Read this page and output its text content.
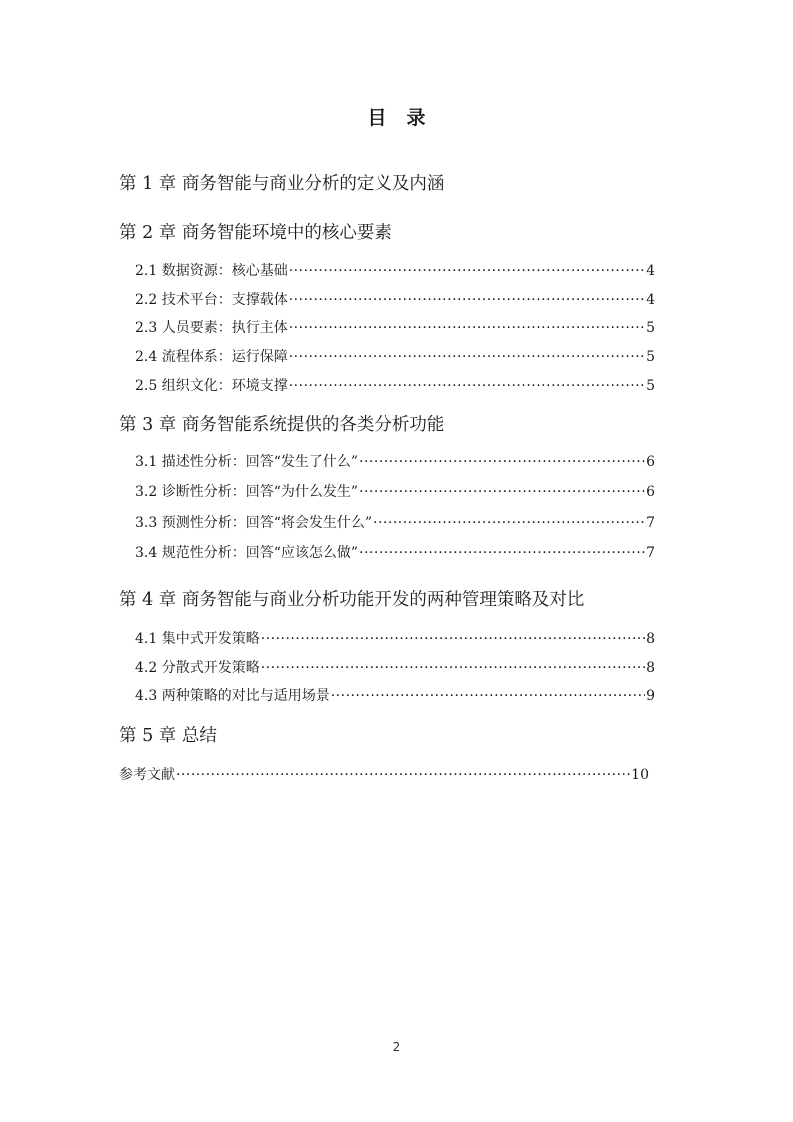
目 录
第 1 章 商务智能与商业分析的定义及内涵
第 2 章 商务智能环境中的核心要素
2.1 数据资源：核心基础 ·····	4
2.2 技术平台：支撑载体 ·····	4
2.3 人员要素：执行主体 ·····	5
2.4 流程体系：运行保障 ·····	5
2.5 组织文化：环境支撑 ·····	5
第 3 章 商务智能系统提供的各类分析功能
3.1 描述性分析：回答“发生了什么” ·····	6
3.2 诊断性分析：回答“为什么发生” ·····	6
3.3 预测性分析：回答“将会发生什么” ·····	7
3.4 规范性分析：回答“应该怎么做” ·····	7
第 4 章 商务智能与商业分析功能开发的两种管理策略及对比
4.1 集中式开发策略 ·····	8
4.2 分散式开发策略 ·····	8
4.3 两种策略的对比与适用场景 ·····	9
第 5 章 总结
参考文献 ·····	10
2
